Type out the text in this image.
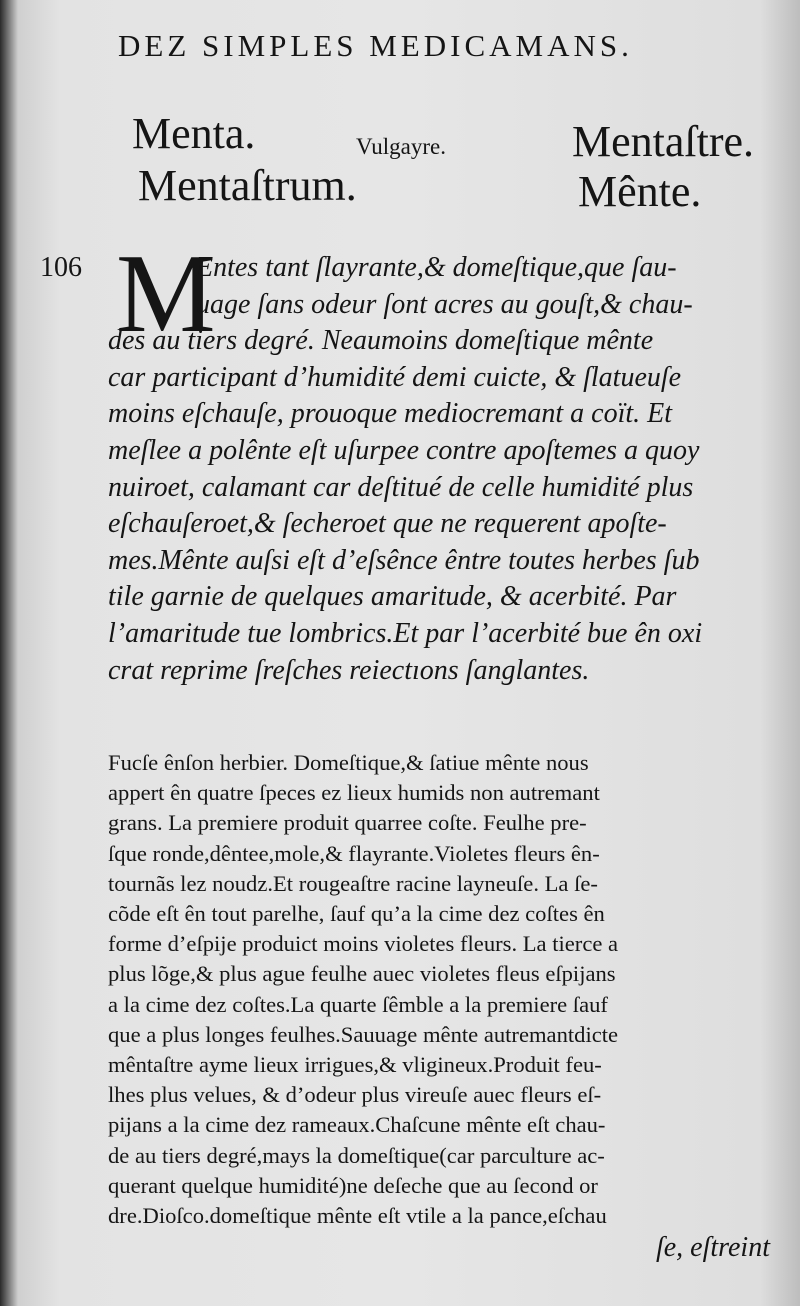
DEZ SIMPLES MEDICAMANS.
Menta.
Mentaſtrum.
Vulgayre.	Mentaſtre.
Mênte.
106 M
Entes tant ſlayrante,& domeſtique,que ſau-
uage ſans odeur ſont acres au gouſt,& chau-
des au tiers degré. Neaumoins domeſtique mênte
car participant d’humidité demi cuicte, & ſlatueuſe
moins eſchauſe, prouoque mediocremant a coït. Et
meſlee a polênte eſt uſurpee contre apoſtemes a quoy
nuiroet, calamant car deſtitué de celle humidité plus
eſchauſeroet,& ſecheroet que ne requerent apoſte-
mes.Mênte auſsi eſt d’eſsênce êntre toutes herbes ſub
tile garnie de quelques amaritude, & acerbité. Par
l’amaritude tue lombrics.Et par l’acerbité bue ên oxi
crat reprime ſreſches reiectıons ſanglantes.
Fucſe ênſon herbier. Domeſtique,& ſatiue mênte nous
appert ên quatre ſpeces ez lieux humids non autremant
grans. La premiere produit quarree coſte. Feulhe pre-
ſque ronde,dêntee,mole,& flayrante.Violetes fleurs ên-
tournãs lez noudz.Et rougeaſtre racine layneuſe. La ſe-
cõde eſt ên tout parelhe, ſauf qu’a la cime dez coſtes ên
forme d’eſpije produict moins violetes fleurs. La tierce a
plus lõge,& plus ague feulhe auec violetes fleus eſpijans
a la cime dez coſtes.La quarte ſêmble a la premiere ſauf
que a plus longes feulhes.Sauuage mênte autremantdicte
mêntaſtre ayme lieux irrigues,& vligineux.Produit feu-
lhes plus velues, & d’odeur plus vireuſe auec fleurs eſ-
pijans a la cime dez rameaux.Chaſcune mênte eſt chau-
de au tiers degré,mays la domeſtique(car parculture ac-
querant quelque humidité)ne deſeche que au ſecond or
dre.Dioſco.domeſtique mênte eſt vtile a la pance,eſchau
ſe, eſtreint
